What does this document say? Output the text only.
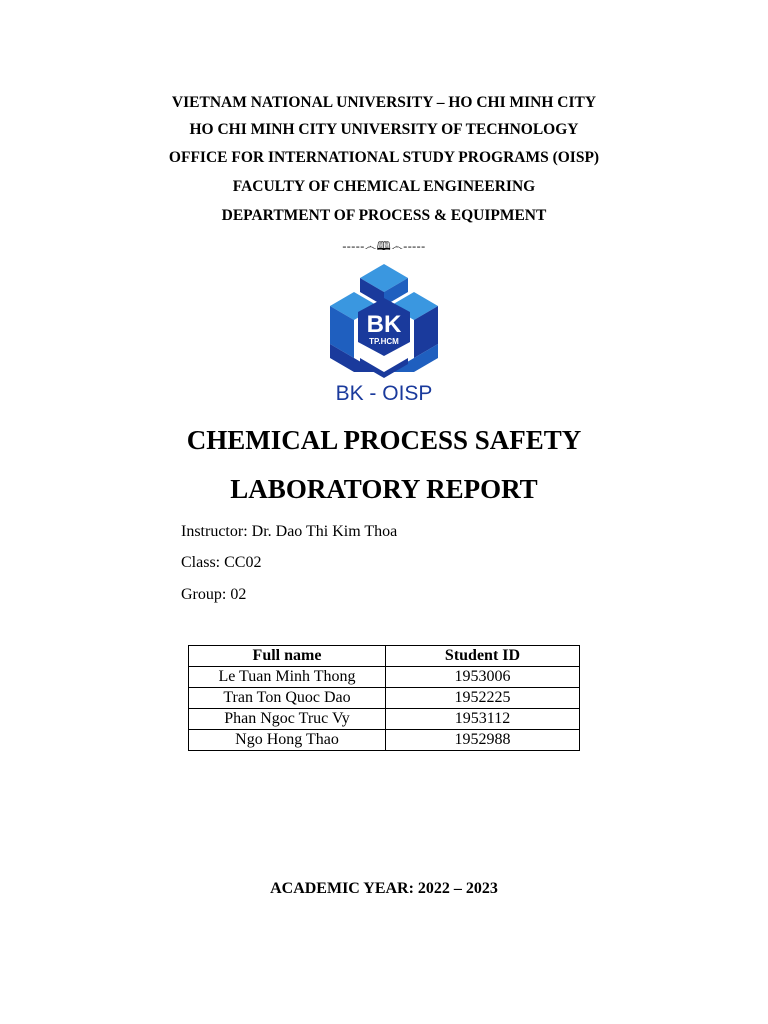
VIETNAM NATIONAL UNIVERSITY – HO CHI MINH CITY
HO CHI MINH CITY UNIVERSITY OF TECHNOLOGY
OFFICE FOR INTERNATIONAL STUDY PROGRAMS (OISP)
FACULTY OF CHEMICAL ENGINEERING
DEPARTMENT OF PROCESS & EQUIPMENT
-----෴🕮෴-----
BK
TP.HCM
BK - OISP
CHEMICAL PROCESS SAFETY
LABORATORY REPORT
Instructor: Dr. Dao Thi Kim Thoa
Class: CC02
Group: 02
Full name	Student ID
Le Tuan Minh Thong	1953006
Tran Ton Quoc Dao	1952225
Phan Ngoc Truc Vy	1953112
Ngo Hong Thao	1952988
ACADEMIC YEAR: 2022 – 2023
